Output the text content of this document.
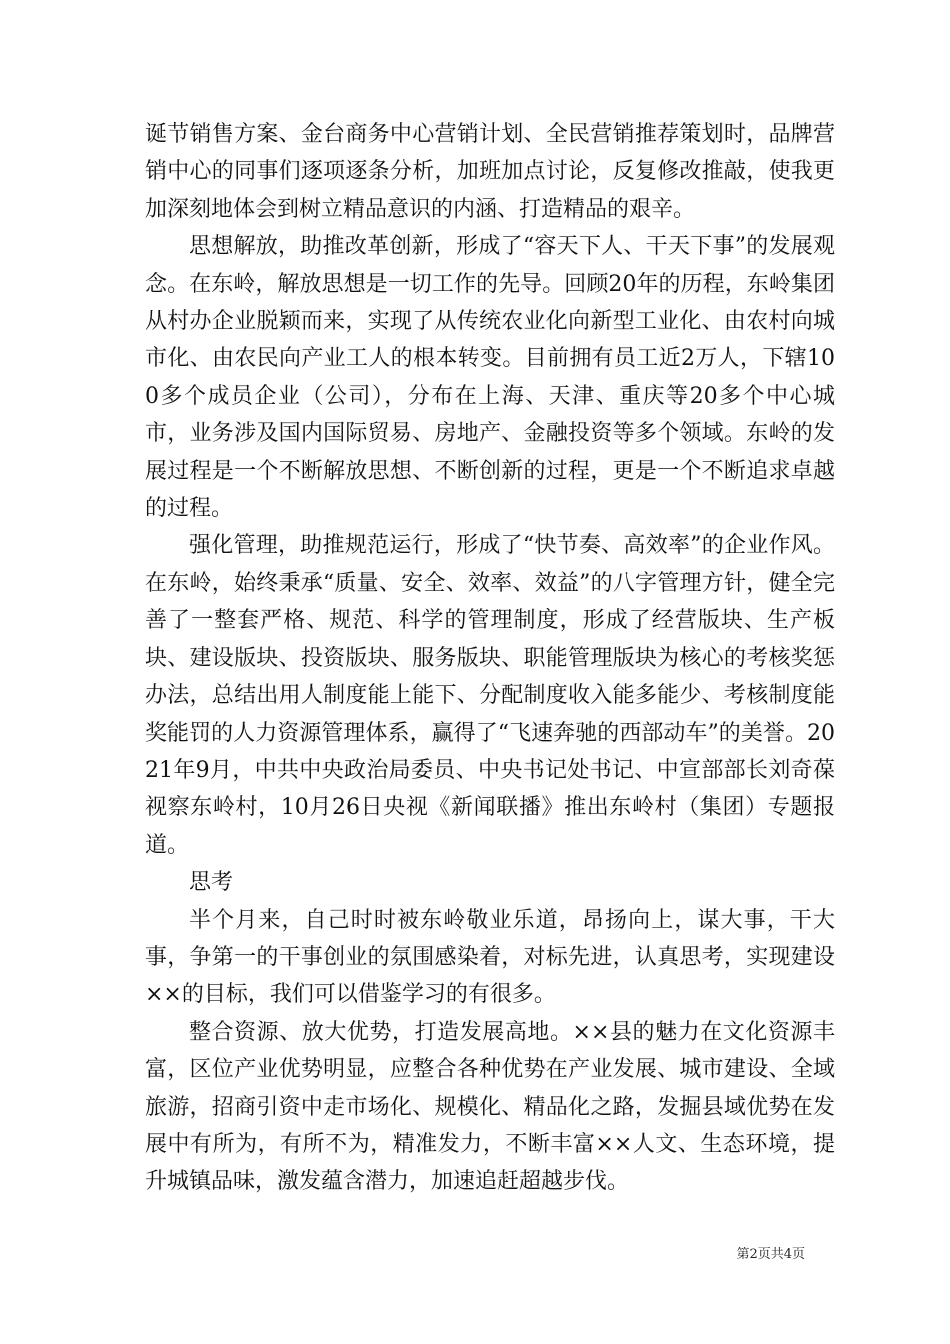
诞节销售方案、金台商务中心营销计划、全民营销推荐策划时，品牌营销中心的同事们逐项逐条分析，加班加点讨论，反复修改推敲，使我更加深刻地体会到树立精品意识的内涵、打造精品的艰辛。

思想解放，助推改革创新，形成了“容天下人、干天下事”的发展观念。在东岭，解放思想是一切工作的先导。回顾20年的历程，东岭集团从村办企业脱颖而来，实现了从传统农业化向新型工业化、由农村向城市化、由农民向产业工人的根本转变。目前拥有员工近2万人，下辖100多个成员企业（公司），分布在上海、天津、重庆等20多个中心城市，业务涉及国内国际贸易、房地产、金融投资等多个领域。东岭的发展过程是一个不断解放思想、不断创新的过程，更是一个不断追求卓越的过程。

强化管理，助推规范运行，形成了“快节奏、高效率”的企业作风。在东岭，始终秉承“质量、安全、效率、效益”的八字管理方针，健全完善了一整套严格、规范、科学的管理制度，形成了经营版块、生产板块、建设版块、投资版块、服务版块、职能管理版块为核心的考核奖惩办法，总结出用人制度能上能下、分配制度收入能多能少、考核制度能奖能罚的人力资源管理体系，赢得了“飞速奔驰的西部动车”的美誉。2021年9月，中共中央政治局委员、中央书记处书记、中宣部部长刘奇葆视察东岭村，10月26日央视《新闻联播》推出东岭村（集团）专题报道。

思考

半个月来，自己时时被东岭敬业乐道，昂扬向上，谋大事，干大事，争第一的干事创业的氛围感染着，对标先进，认真思考，实现建设××的目标，我们可以借鉴学习的有很多。

整合资源、放大优势，打造发展高地。××县的魅力在文化资源丰富，区位产业优势明显，应整合各种优势在产业发展、城市建设、全域旅游，招商引资中走市场化、规模化、精品化之路，发掘县域优势在发展中有所为，有所不为，精准发力，不断丰富××人文、生态环境，提升城镇品味，激发蕴含潜力，加速追赶超越步伐。

第2页共4页
